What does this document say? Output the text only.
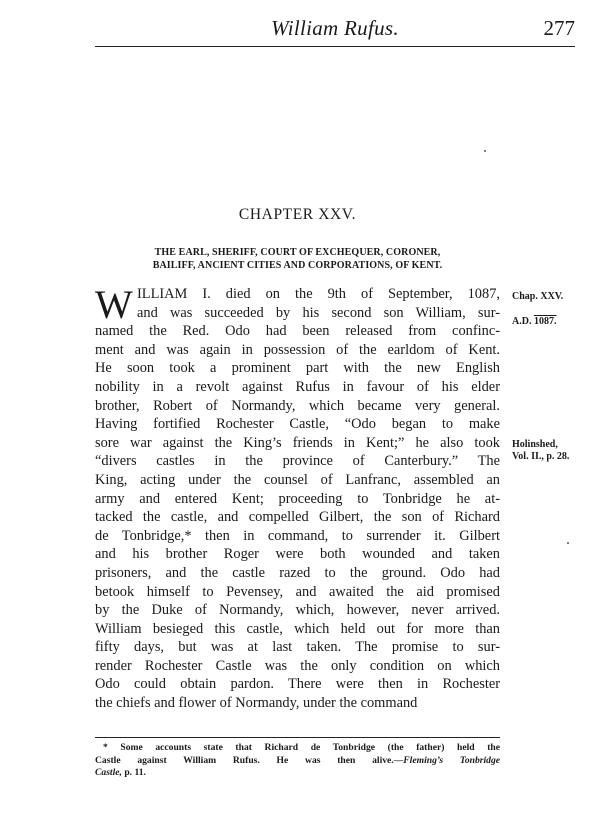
William Rufus.	277
CHAPTER XXV.
THE EARL, SHERIFF, COURT OF EXCHEQUER, CORONER,
BAILIFF, ANCIENT CITIES AND CORPORATIONS, OF KENT.
W ILLIAM I. died on the 9th of September, 1087,
and was succeeded by his second son William, sur-
named the Red. Odo had been released from confinc-
ment and was again in possession of the earldom of Kent.
He soon took a prominent part with the new English
nobility in a revolt against Rufus in favour of his elder
brother, Robert of Normandy, which became very general.
Having fortified Rochester Castle, “Odo began to make
sore war against the King’s friends in Kent;” he also took
“divers castles in the province of Canterbury.” The
King, acting under the counsel of Lanfranc, assembled an
army and entered Kent; proceeding to Tonbridge he at-
tacked the castle, and compelled Gilbert, the son of Richard
de Tonbridge,* then in command, to surrender it. Gilbert
and his brother Roger were both wounded and taken
prisoners, and the castle razed to the ground. Odo had
betook himself to Pevensey, and awaited the aid promised
by the Duke of Normandy, which, however, never arrived.
William besieged this castle, which held out for more than
fifty days, but was at last taken. The promise to sur-
render Rochester Castle was the only condition on which
Odo could obtain pardon. There were then in Rochester
the chiefs and flower of Normandy, under the command
Chap. XXV.
A.D. 1087.
Holinshed,
Vol. II., p. 28.
* Some accounts state that Richard de Tonbridge (the father) held the
Castle against William Rufus. He was then alive.—Fleming’s Tonbridge
Castle, p. 11.
